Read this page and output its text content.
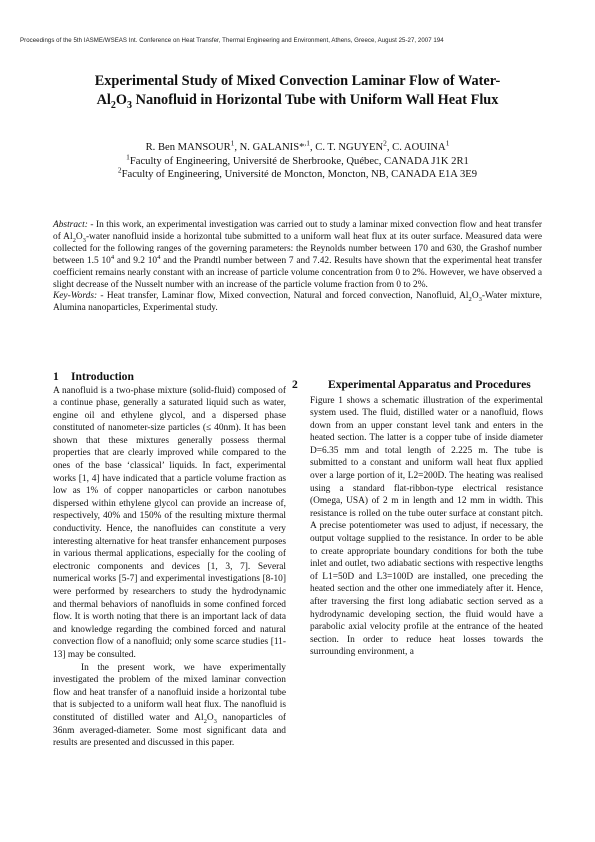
Proceedings of the 5th IASME/WSEAS Int. Conference on Heat Transfer, Thermal Engineering and Environment, Athens, Greece, August 25-27, 2007 194
Experimental Study of Mixed Convection Laminar Flow of Water-
$Al_2O_3$ Nanofluid in Horizontal Tube with Uniform Wall Heat Flux
R. Ben MANSOUR$^1$, N. GALANIS*$^{,1}$, C. T. NGUYEN$^2$, C. AOUINA$^1$
$^1$Faculty of Engineering, Université de Sherbrooke, Québec, CANADA J1K 2R1
$^2$Faculty of Engineering, Université de Moncton, Moncton, NB, CANADA E1A 3E9
Abstract: - In this work, an experimental investigation was carried out to study a laminar mixed convection flow and heat transfer of $Al_2O_3$-water nanofluid inside a horizontal tube submitted to a uniform wall heat flux at its outer surface. Measured data were collected for the following ranges of the governing parameters: the Reynolds number between 170 and 630, the Grashof number between 1.5 $10^4$ and 9.2 $10^4$ and the Prandtl number between 7 and 7.42. Results have shown that the experimental heat transfer coefficient remains nearly constant with an increase of particle volume concentration from 0 to 2%. However, we have observed a slight decrease of the Nusselt number with an increase of the particle volume fraction from 0 to 2%.
Key-Words: - Heat transfer, Laminar flow, Mixed convection, Natural and forced convection, Nanofluid, $Al_2O_3$-Water mixture, Alumina nanoparticles, Experimental study.
1 Introduction

A nanofluid is a two-phase mixture (solid-fluid) composed of a continue phase, generally a saturated liquid such as water, engine oil and ethylene glycol, and a dispersed phase constituted of nanometer-size particles (≤ 40nm). It has been shown that these mixtures generally possess thermal properties that are clearly improved while compared to the ones of the base ‘classical’ liquids. In fact, experimental works [1, 4] have indicated that a particle volume fraction as low as 1% of copper nanoparticles or carbon nanotubes dispersed within ethylene glycol can provide an increase of, respectively, 40% and 150% of the resulting mixture thermal conductivity. Hence, the nanofluides can constitute a very interesting alternative for heat transfer enhancement purposes in various thermal applications, especially for the cooling of electronic components and devices [1, 3, 7]. Several numerical works [5-7] and experimental investigations [8-10] were performed by researchers to study the hydrodynamic and thermal behaviors of nanofluids in some confined forced flow. It is worth noting that there is an important lack of data and knowledge regarding the combined forced and natural convection flow of a nanofluid; only some scarce studies [11-13] may be consulted.

In the present work, we have experimentally investigated the problem of the mixed laminar convection flow and heat transfer of a nanofluid inside a horizontal tube that is subjected to a uniform wall heat flux. The nanofluid is constituted of distilled water and $Al_2O_3$ nanoparticles of 36nm averaged-diameter. Some most significant data and results are presented and discussed in this paper.

2	Experimental Apparatus and Procedures

Figure 1 shows a schematic illustration of the experimental system used. The fluid, distilled water or a nanofluid, flows down from an upper constant level tank and enters in the heated section. The latter is a copper tube of inside diameter D=6.35 mm and total length of 2.225 m. The tube is submitted to a constant and uniform wall heat flux applied over a large portion of it, L2=200D. The heating was realised using a standard flat-ribbon-type electrical resistance (Omega, USA) of 2 m in length and 12 mm in width. This resistance is rolled on the tube outer surface at constant pitch. A precise potentiometer was used to adjust, if necessary, the output voltage supplied to the resistance. In order to be able to create appropriate boundary conditions for both the tube inlet and outlet, two adiabatic sections with respective lengths of L1=50D and L3=100D are installed, one preceding the heated section and the other one immediately after it. Hence, after traversing the first long adiabatic section served as a hydrodynamic developing section, the fluid would have a parabolic axial velocity profile at the entrance of the heated section. In order to reduce heat losses towards the surrounding environment, a
